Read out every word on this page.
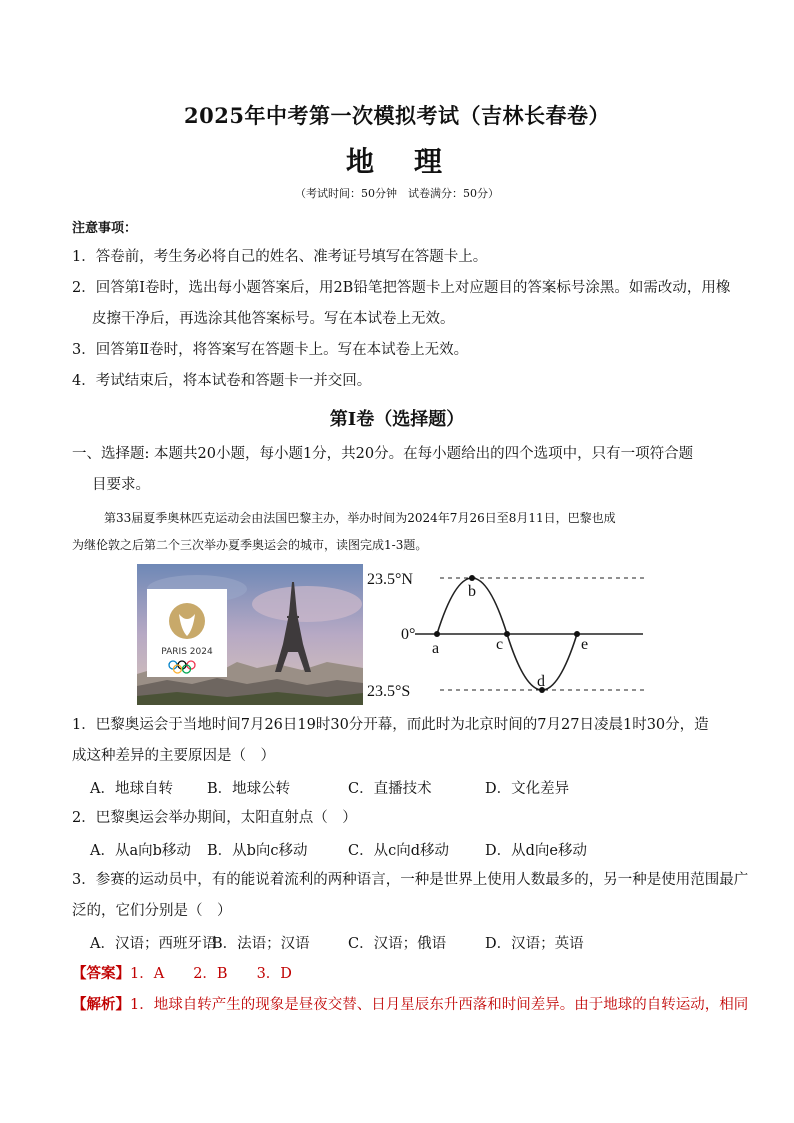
2025年中考第一次模拟考试（吉林长春卷）
地　理
（考试时间：50分钟　试卷满分：50分）
注意事项：
1．答卷前，考生务必将自己的姓名、准考证号填写在答题卡上。
2．回答第Ⅰ卷时，选出每小题答案后，用2B铅笔把答题卡上对应题目的答案标号涂黑。如需改动，用橡
皮擦干净后，再选涂其他答案标号。写在本试卷上无效。
3．回答第Ⅱ卷时，将答案写在答题卡上。写在本试卷上无效。
4．考试结束后，将本试卷和答题卡一并交回。
第Ⅰ卷（选择题）
一、选择题: 本题共20小题，每小题1分，共20分。在每小题给出的四个选项中，只有一项符合题
目要求。
第33届夏季奥林匹克运动会由法国巴黎主办，举办时间为2024年7月26日至8月11日，巴黎也成
为继伦敦之后第二个三次举办夏季奥运会的城市，读图完成1-3题。
PARIS 2024
23.5°N
0°
23.5°S
a
b
c
d
e
1．巴黎奥运会于当地时间7月26日19时30分开幕，而此时为北京时间的7月27日凌晨1时30分，造
成这种差异的主要原因是（　）
A．地球自转 B．地球公转	C．直播技术	D．文化差异
2．巴黎奥运会举办期间，太阳直射点（　）
A．从a向b移动 B．从b向c移动	C．从c向d移动 D．从d向e移动
3．参赛的运动员中，有的能说着流利的两种语言，一种是世界上使用人数最多的，另一种是使用范围最广
泛的，它们分别是（　）
A．汉语；西班牙语
B．法语；汉语	C．汉语；俄语	D．汉语；英语
【答案】1．A　　2．B　　3．D
【解析】1．地球自转产生的现象是昼夜交替、日月星辰东升西落和时间差异。由于地球的自转运动，相同
